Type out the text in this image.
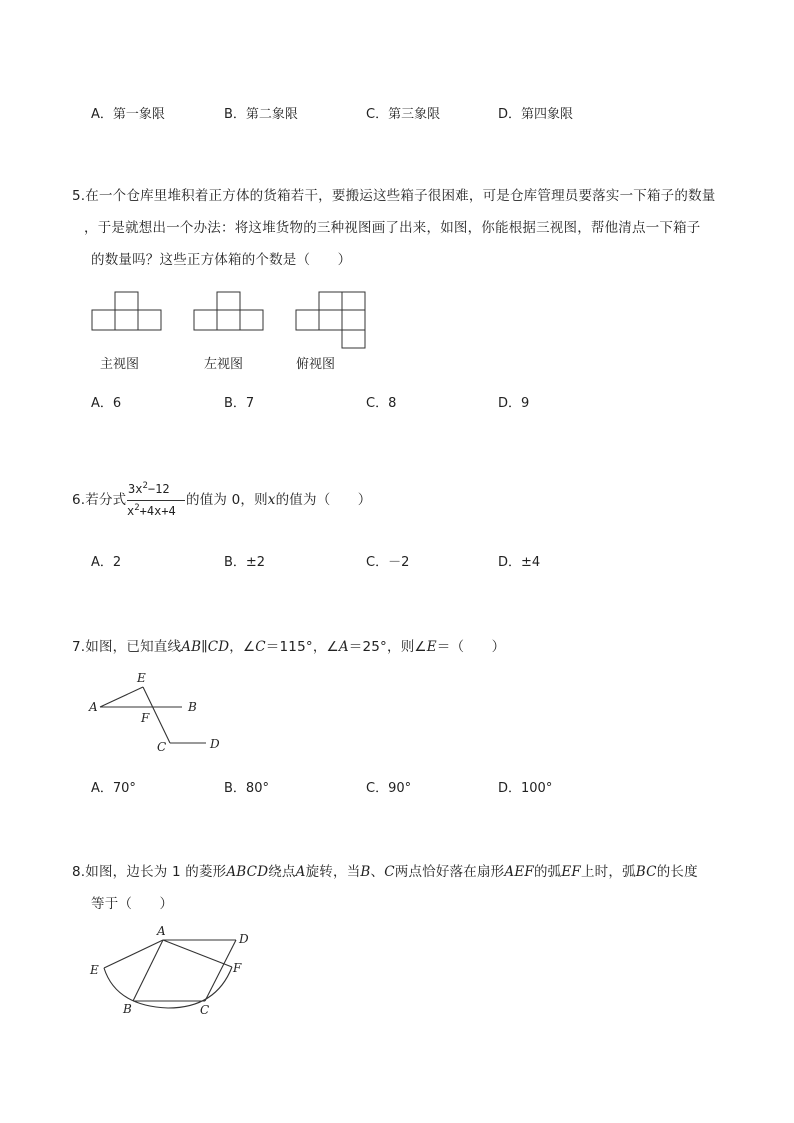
A．第一象限	B．第二象限	C．第三象限	D．第四象限
5.在一个仓库里堆积着正方体的货箱若干，要搬运这些箱子很困难，可是仓库管理员要落实一下箱子的数量
，于是就想出一个办法：将这堆货物的三种视图画了出来，如图，你能根据三视图，帮他清点一下箱子
的数量吗？这些正方体箱的个数是（　　）
主视图	左视图	俯视图
A．6	B．7	C．8	D．9
6.若分式
$3x^2-12$
$x^2+4x+4$
的值为 0，则x的值为（　　）
A．2	B．±2	C．－2	D．±4
7.如图，已知直线AB∥CD，∠C＝115°，∠A＝25°，则∠E＝（　　）
E
A
F
B
C	D
A．70°	B．80°	C．90°	D．100°
8.如图，边长为 1 的菱形ABCD绕点A旋转，当B、C两点恰好落在扇形AEF的弧EF上时，弧BC的长度
等于（　　）
A
D
E	F
B	C
